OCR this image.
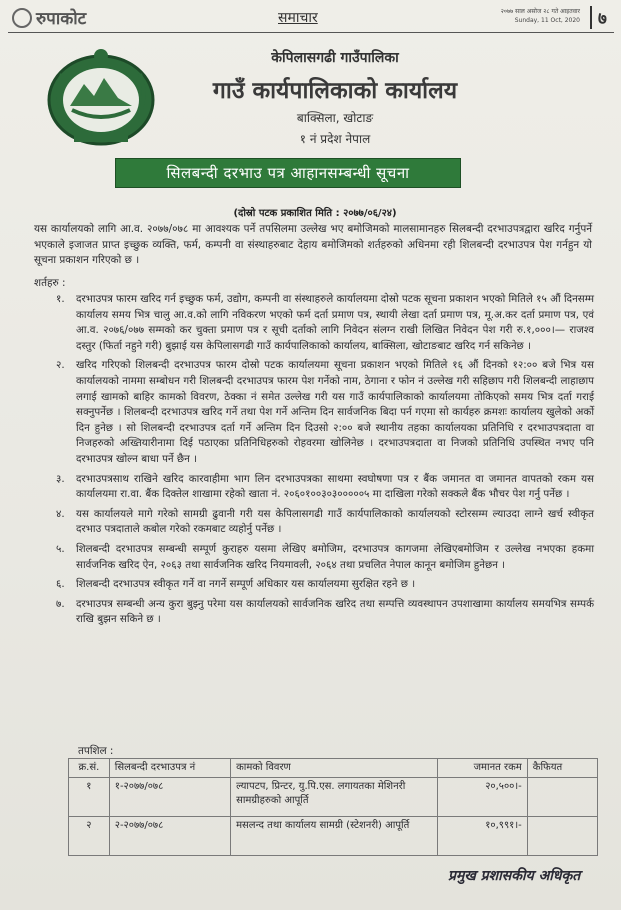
रुपाकोट	समाचार	२०७७ साल असोज २८ गते आइतवार
Sunday, 11 Oct, 2020	७
केपिलासगढी गाउँपालिका
गाउँ कार्यपालिकाको कार्यालय
बाक्सिला, खोटाङ
१ नं प्रदेश नेपाल
सिलबन्दी दरभाउ पत्र आहानसम्बन्धी सूचना
(दोस्रो पटक प्रकाशित मिति : २०७७/०६/२४)
यस कार्यालयको लागि आ.व. २०७७/०७८ मा आवश्यक पर्ने तपसिलमा उल्लेख भए बमोजिमको मालसामानहरु सिलबन्दी दरभाउपत्रद्वारा खरिद गर्नुपर्ने भएकाले इजाजत प्राप्त इच्छुक व्यक्ति, फर्म, कम्पनी वा संस्थाहरुबाट देहाय बमोजिमको शर्तहरुको अधिनमा रही शिलबन्दी दरभाउपत्र पेश गर्नहुन यो सूचना प्रकाशन गरिएको छ ।
शर्तहरु :
१. दरभाउपत्र फारम खरिद गर्न इच्छुक फर्म, उद्योग, कम्पनी वा संस्थाहरुले कार्यालयमा दोस्रो पटक सूचना प्रकाशन भएको मितिले १५ औं दिनसम्म कार्यालय समय भित्र चालु आ.व.को लागि नविकरण भएको फर्म दर्ता प्रमाण पत्र, स्थायी लेखा दर्ता प्रमाण पत्र, मू.अ.कर दर्ता प्रमाण पत्र, एवं आ.व. २०७६/०७७ सम्मको कर चुक्ता प्रमाण पत्र र सूची दर्ताको लागि निवेदन संलग्न राखी लिखित निवेदन पेश गरी रु.१,०००।— राजश्व दस्तुर (फिर्ता नहुने गरी) बुझाई यस केपिलासगढी गाउँ कार्यपालिकाको कार्यालय, बाक्सिला, खोटाङबाट खरिद गर्न सकिनेछ ।
२. खरिद गरिएको शिलबन्दी दरभाउपत्र फारम दोस्रो पटक कार्यालयमा सूचना प्रकाशन भएको मितिले १६ औं दिनको १२:०० बजे भित्र यस कार्यालयको नाममा सम्बोधन गरी शिलबन्दी दरभाउपत्र फारम पेश गर्नेको नाम, ठेगाना र फोन नं उल्लेख गरी सहिछाप गरी शिलबन्दी लाहाछाप लगाई खामको बाहिर कामको विवरण, ठेक्का नं समेत उल्लेख गरी यस गाउँ कार्यपालिकाको कार्यालयमा तोकिएको समय भित्र दर्ता गराई सक्नुपर्नेछ । शिलबन्दी दरभाउपत्र खरिद गर्ने तथा पेश गर्ने अन्तिम दिन सार्वजनिक बिदा पर्न गएमा सो कार्यहरु क्रमशः कार्यालय खुलेको अर्को दिन हुनेछ । सो शिलबन्दी दरभाउपत्र दर्ता गर्ने अन्तिम दिन दिउसो २:०० बजे स्थानीय तहका कार्यालयका प्रतिनिधि र दरभाउपत्रदाता वा निजहरुको अख्तियारीनामा दिई पठाएका प्रतिनिधिहरुको रोहवरमा खोलिनेछ । दरभाउपत्रदाता वा निजको प्रतिनिधि उपस्थित नभए पनि दरभाउपत्र खोल्न बाधा पर्ने छैन ।
३. दरभाउपत्रसाथ राखिने खरिद कारवाहीमा भाग लिन दरभाउपत्रका साथमा स्वघोषणा पत्र र बैंक जमानत वा जमानत वापतको रकम यस कार्यालयमा रा.वा. बैंक दिक्तेल शाखामा रहेको खाता नं. २०६०१००३०३०००००५ मा दाखिला गरेको सक्कले बैंक भौचर पेश गर्नु पर्नेछ ।
४. यस कार्यालयले मागे गरेको सामग्री ढुवानी गरी यस केपिलासगढी गाउँ कार्यपालिकाको कार्यालयको स्टोरसम्म ल्याउदा लाग्ने खर्च स्वीकृत दरभाउ पत्रदाताले कबोल गरेको रकमबाट व्यहोर्नु पर्नेछ ।
५. शिलबन्दी दरभाउपत्र सम्बन्धी सम्पूर्ण कुराहरु यसमा लेखिए बमोजिम, दरभाउपत्र कागजमा लेखिएबमोजिम र उल्लेख नभएका हकमा सार्वजनिक खरिद ऐन, २०६३ तथा सार्वजनिक खरिद नियमावली, २०६४ तथा प्रचलित नेपाल कानून बमोजिम हुनेछन ।
६. शिलबन्दी दरभाउपत्र स्वीकृत गर्ने वा नगर्ने सम्पूर्ण अधिकार यस कार्यालयमा सुरक्षित रहने छ ।
७. दरभाउपत्र सम्बन्धी अन्य कुरा बुझ्नु परेमा यस कार्यालयको सार्वजनिक खरिद तथा सम्पत्ति व्यवस्थापन उपशाखामा कार्यालय समयभित्र सम्पर्क राखि बुझन सकिने छ ।
तपशिल :
क्र.सं.	सिलबन्दी दरभाउपत्र नं	कामको विवरण	जमानत रकम	कैफियत
१	१-२०७७/०७८	ल्यापटप, प्रिन्टर, यु.पि.एस. लगायतका मेशिनरी सामग्रीहरुको आपूर्ति	२०,५००।-	
२	२-२०७७/०७८	मसलन्द तथा कार्यालय सामग्री (स्टेशनरी) आपूर्ति	१०,९९१।-	
प्रमुख प्रशासकीय अधिकृत
